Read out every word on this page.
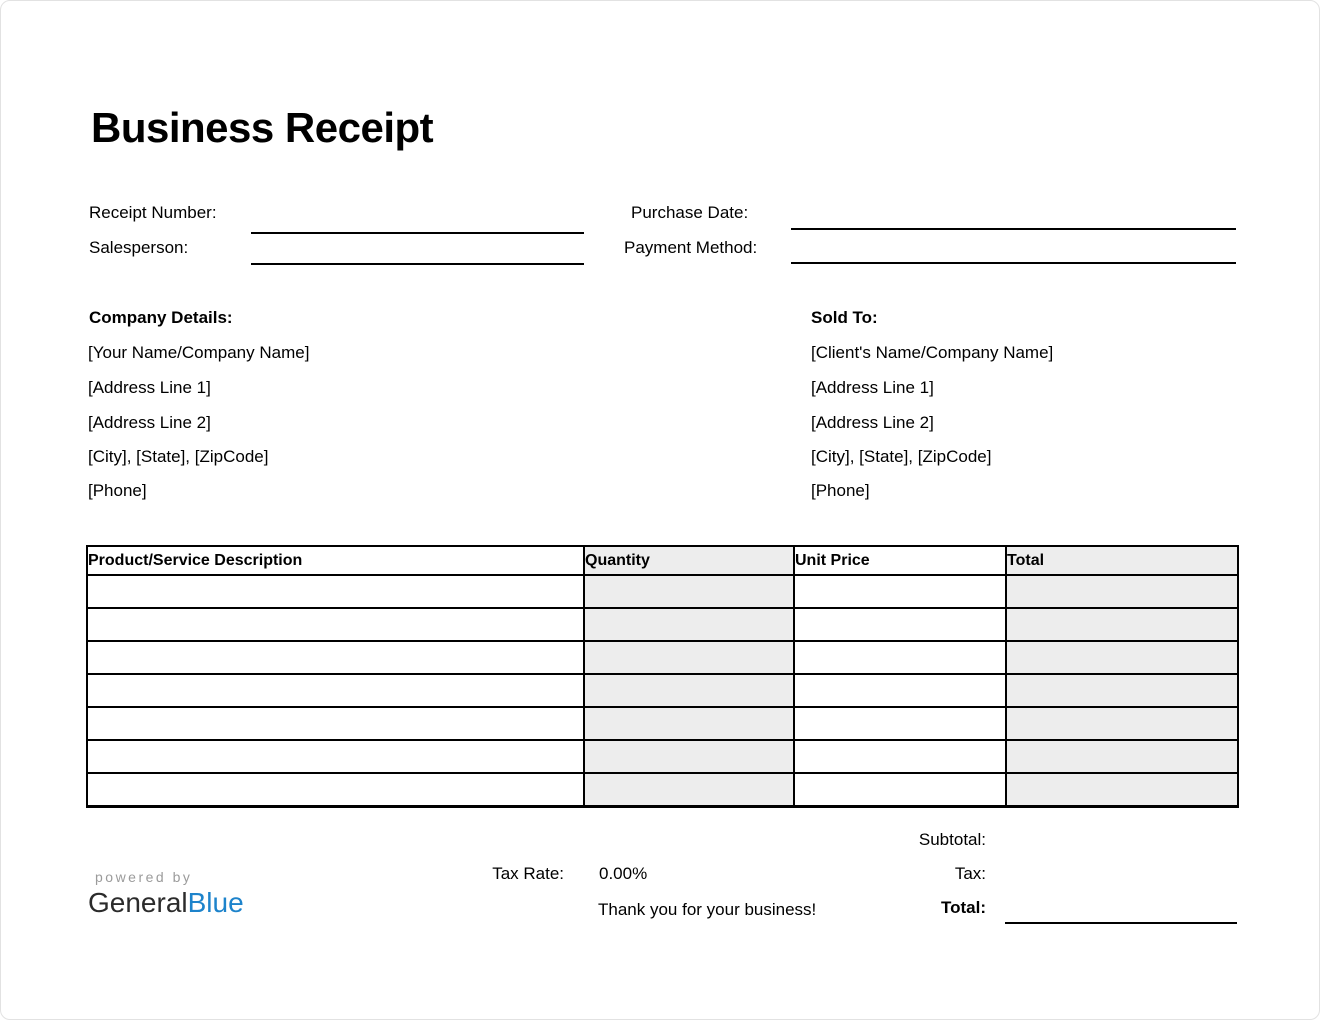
Business Receipt
Receipt Number:	Purchase Date:
Salesperson:	Payment Method:
Company Details:
[Your Name/Company Name]
[Address Line 1]
[Address Line 2]
[City], [State], [ZipCode]
[Phone]
Sold To:
[Client's Name/Company Name]
[Address Line 1]
[Address Line 2]
[City], [State], [ZipCode]
[Phone]
Product/Service Description	Quantity	Unit Price	Total

Subtotal:
Tax Rate: 0.00%	Tax:
Thank you for your business!	Total:
powered by
GeneralBlue
